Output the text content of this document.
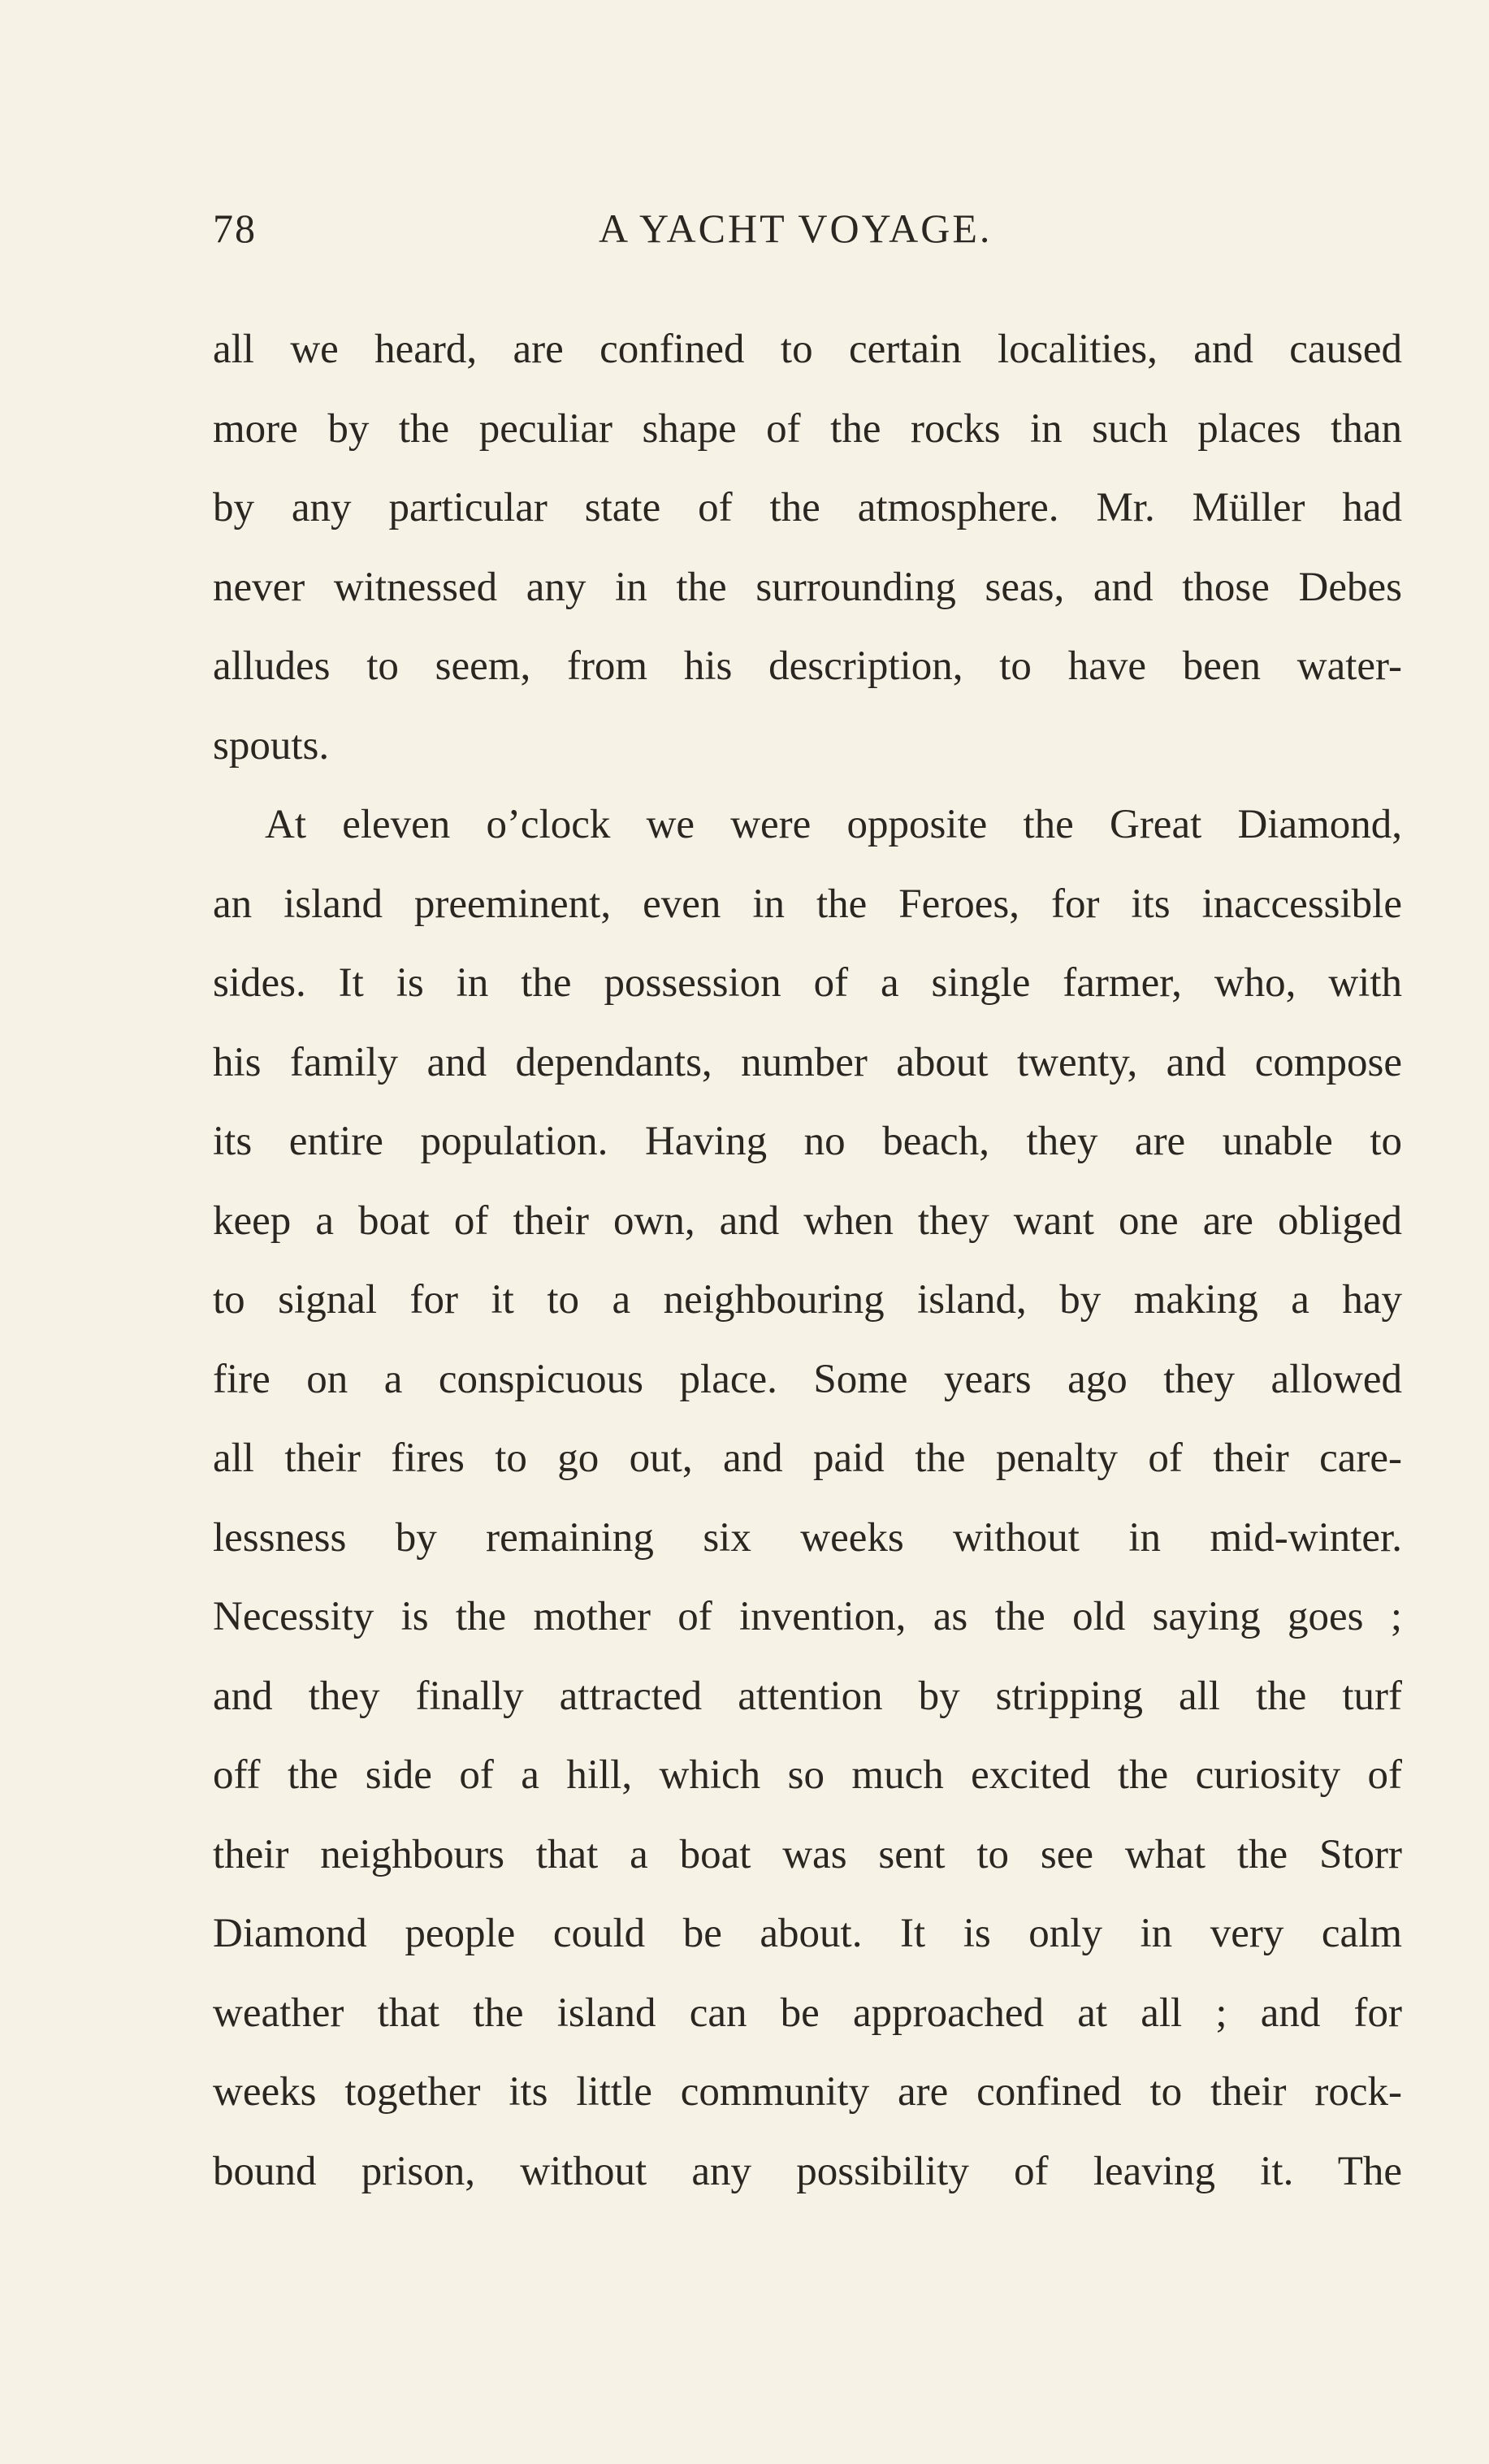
78	A YACHT VOYAGE.
all we heard, are confined to certain localities, and caused
more by the peculiar shape of the rocks in such places than
by any particular state of the atmosphere. Mr. Müller had
never witnessed any in the surrounding seas, and those Debes
alludes to seem, from his description, to have been water-
spouts.
At eleven o’clock we were opposite the Great Diamond,
an island preeminent, even in the Feroes, for its inaccessible
sides. It is in the possession of a single farmer, who, with
his family and dependants, number about twenty, and compose
its entire population. Having no beach, they are unable to
keep a boat of their own, and when they want one are obliged
to signal for it to a neighbouring island, by making a hay
fire on a conspicuous place. Some years ago they allowed
all their fires to go out, and paid the penalty of their care-
lessness by remaining six weeks without in mid-winter.
Necessity is the mother of invention, as the old saying goes ;
and they finally attracted attention by stripping all the turf
off the side of a hill, which so much excited the curiosity of
their neighbours that a boat was sent to see what the Storr
Diamond people could be about. It is only in very calm
weather that the island can be approached at all ; and for
weeks together its little community are confined to their rock-
bound prison, without any possibility of leaving it. The
